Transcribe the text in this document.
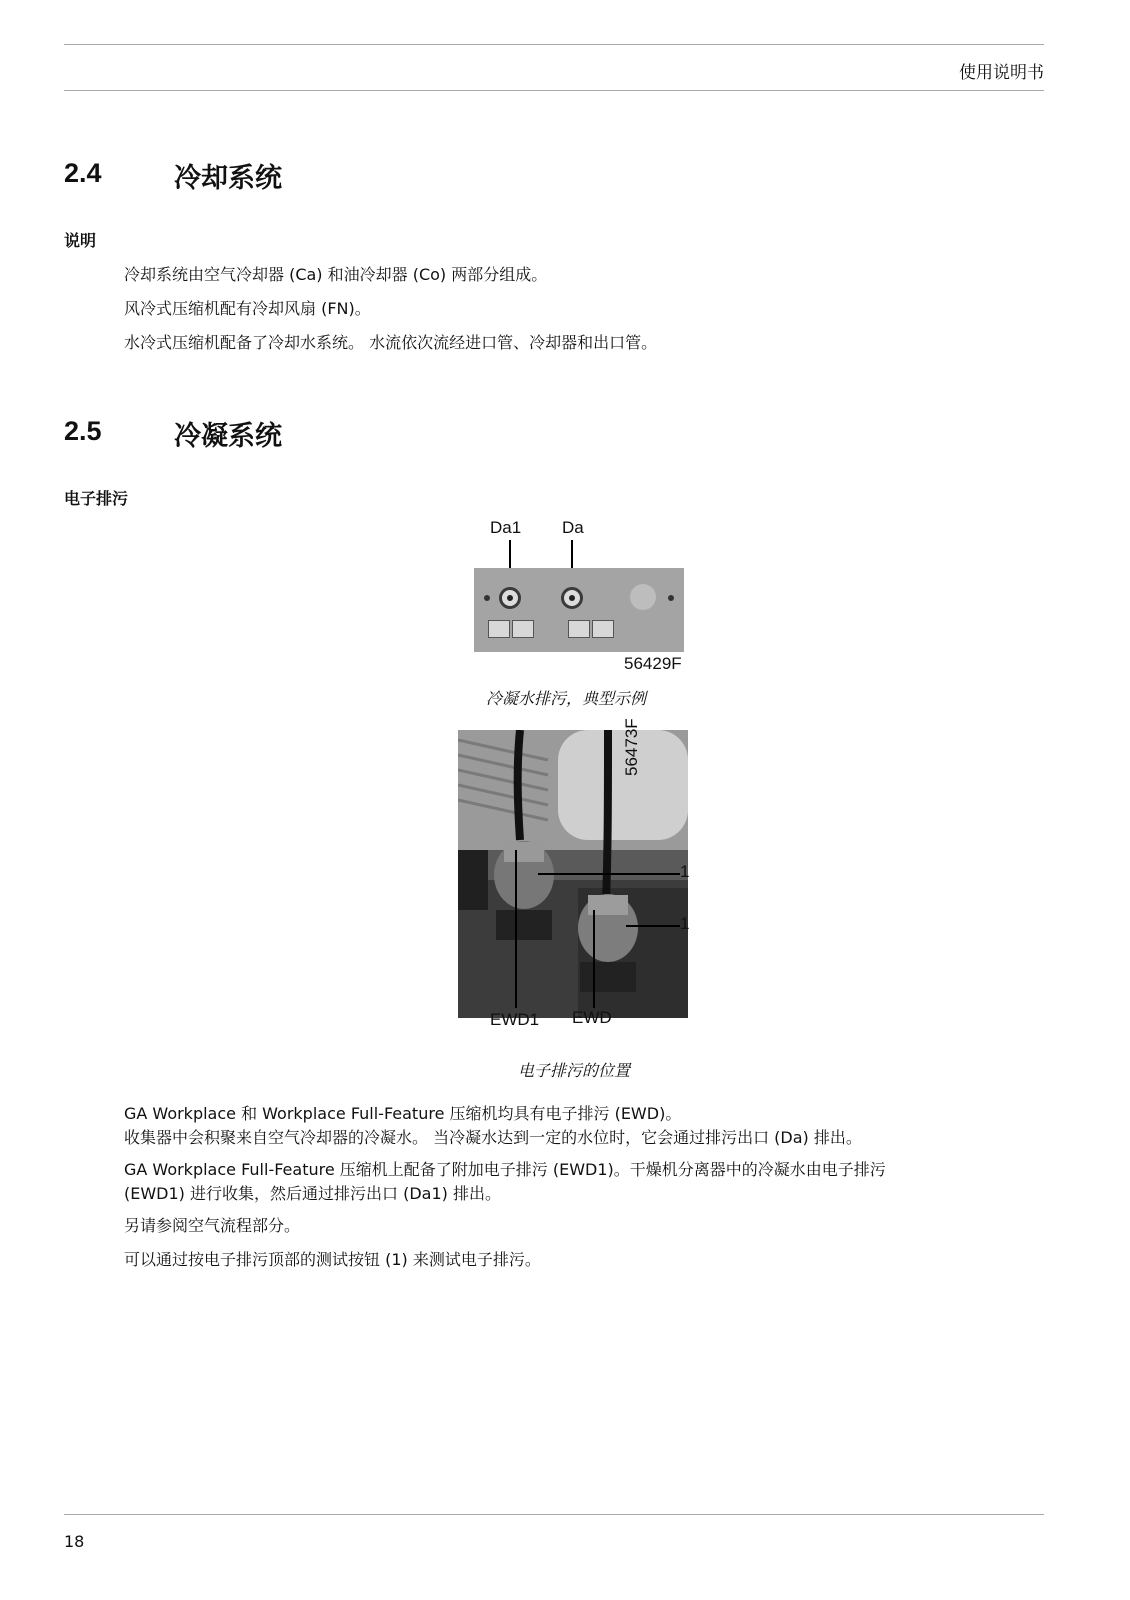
使用说明书
2.4	冷却系统
说明
冷却系统由空气冷却器 (Ca) 和油冷却器 (Co) 两部分组成。
风冷式压缩机配有冷却风扇 (FN)。
水冷式压缩机配备了冷却水系统。 水流依次流经进口管、冷却器和出口管。
2.5	冷凝系统
电子排污
Da1 Da
56429F
冷凝水排污，典型示例
56473F
1
1
EWD1 EWD
电子排污的位置
GA Workplace 和 Workplace Full-Feature 压缩机均具有电子排污 (EWD)。
收集器中会积聚来自空气冷却器的冷凝水。 当冷凝水达到一定的水位时，它会通过排污出口 (Da) 排出。
GA Workplace Full-Feature 压缩机上配备了附加电子排污 (EWD1)。干燥机分离器中的冷凝水由电子排污
(EWD1) 进行收集，然后通过排污出口 (Da1) 排出。
另请参阅空气流程部分。
可以通过按电子排污顶部的测试按钮 (1) 来测试电子排污。
18
